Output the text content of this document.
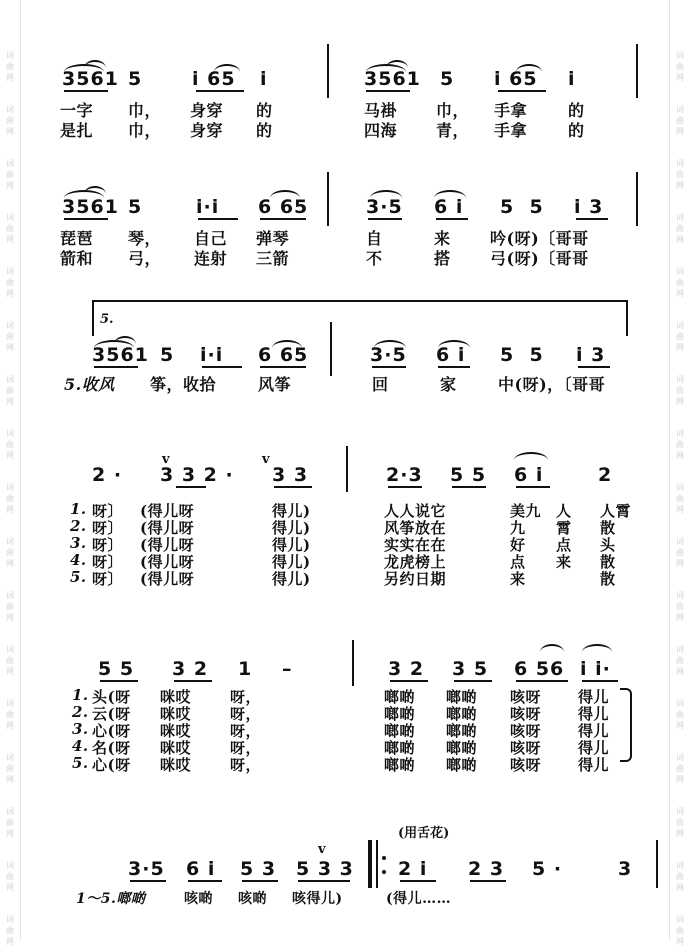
词
曲
网
词
曲
网
词
曲
网
词
曲
网
词
曲
网
词
曲
网
词
曲
网
词
曲
网
词
曲
网
词
曲
网
词
曲
网
词
曲
网
词
曲
网
词
曲
网
词
曲
网
词
曲
网
词
曲
网
词
曲
网
词
曲
网
词
曲
网
词
曲
网
词
曲
网
词
曲
网
词
曲
网
词
曲
网
词
曲
网
词
曲
网
词
曲
网
词
曲
网
词
曲
网
词
曲
网
词
曲
网
词
曲
网
词
曲
网
3561 5	i 65 i	3561 5 i 65 i
一字 巾， 身穿 的	马褂 巾， 手拿	的
是扎 巾， 身穿 的	四海 青， 手拿	的
3561 5	i·i 6 65	3·5 6 i 5  5 i 3
琵琶 琴， 自己 弹琴	自	来 吟(呀)〔哥哥
箭和 弓， 连射 三箭	不	搭 弓(呀)〔哥哥
5.
3561 5 i·i 6 65	3·5 6 i 5  5 i 3
5.收风 筝，收拾	风筝	回	家	中(呀)，〔哥哥
v	v
2 · 3 3 2 · 3 3	2·3 5 5 6 i	2
1. 呀〕 (得儿呀	得儿)	人人说它	美九 人 人霄
2. 呀〕 (得儿呀	得儿)	风筝放在	九 霄 散
3. 呀〕 (得儿呀	得儿)	实实在在	好 点 头
4. 呀〕 (得儿呀	得儿)	龙虎榜上	点 来 散
5. 呀〕 (得儿呀	得儿)	另约日期	来	散
5 5 3 2 1 –	3 2 3 5 6 56 i i·
1. 头(呀 咪哎	呀，	啷啲 啷啲 咳呀 得儿
2. 云(呀 咪哎	呀，	啷啲 啷啲 咳呀 得儿
3. 心(呀 咪哎	呀，	啷啲 啷啲 咳呀 得儿
4. 名(呀 咪哎	呀，	啷啲 啷啲 咳呀 得儿
5. 心(呀 咪哎	呀，	啷啲 啷啲 咳呀 得儿
(用舌花)
v
3·5 6 i 5 3 5 3 3 2 i 2 3 5 ·	3
1～5.啷啲	咳啲 咳啲 咳得儿)	(得儿……
